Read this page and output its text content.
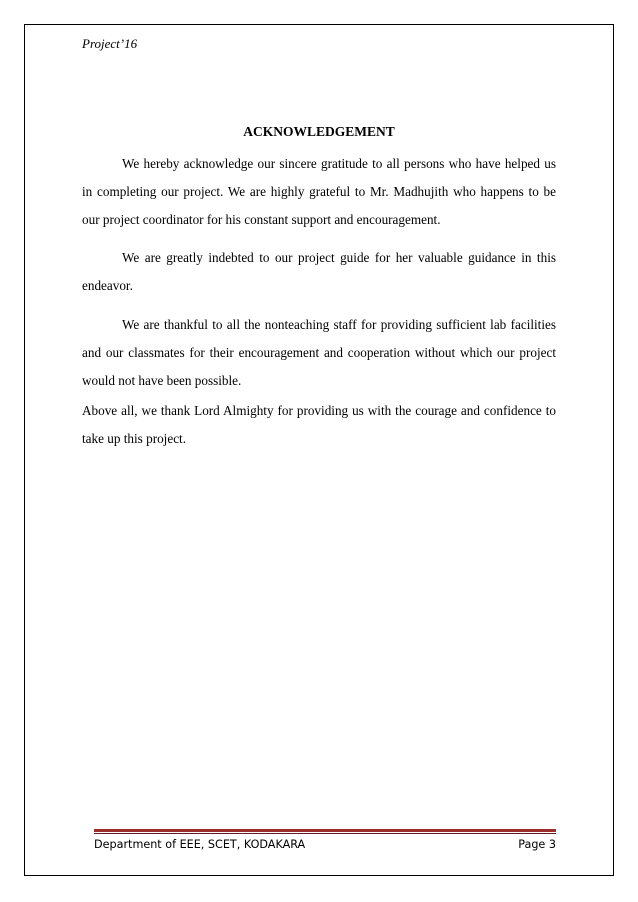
Project’16
ACKNOWLEDGEMENT

We hereby acknowledge our sincere gratitude to all persons who have helped us in completing our project. We are highly grateful to Mr. Madhujith who happens to be our project coordinator for his constant support and encouragement.

We are greatly indebted to our project guide for her valuable guidance in this endeavor.

We are thankful to all the nonteaching staff for providing sufficient lab facilities and our classmates for their encouragement and cooperation without which our project would not have been possible.

Above all, we thank Lord Almighty for providing us with the courage and confidence to take up this project.

Department of EEE, SCET, KODAKARA	Page 3
